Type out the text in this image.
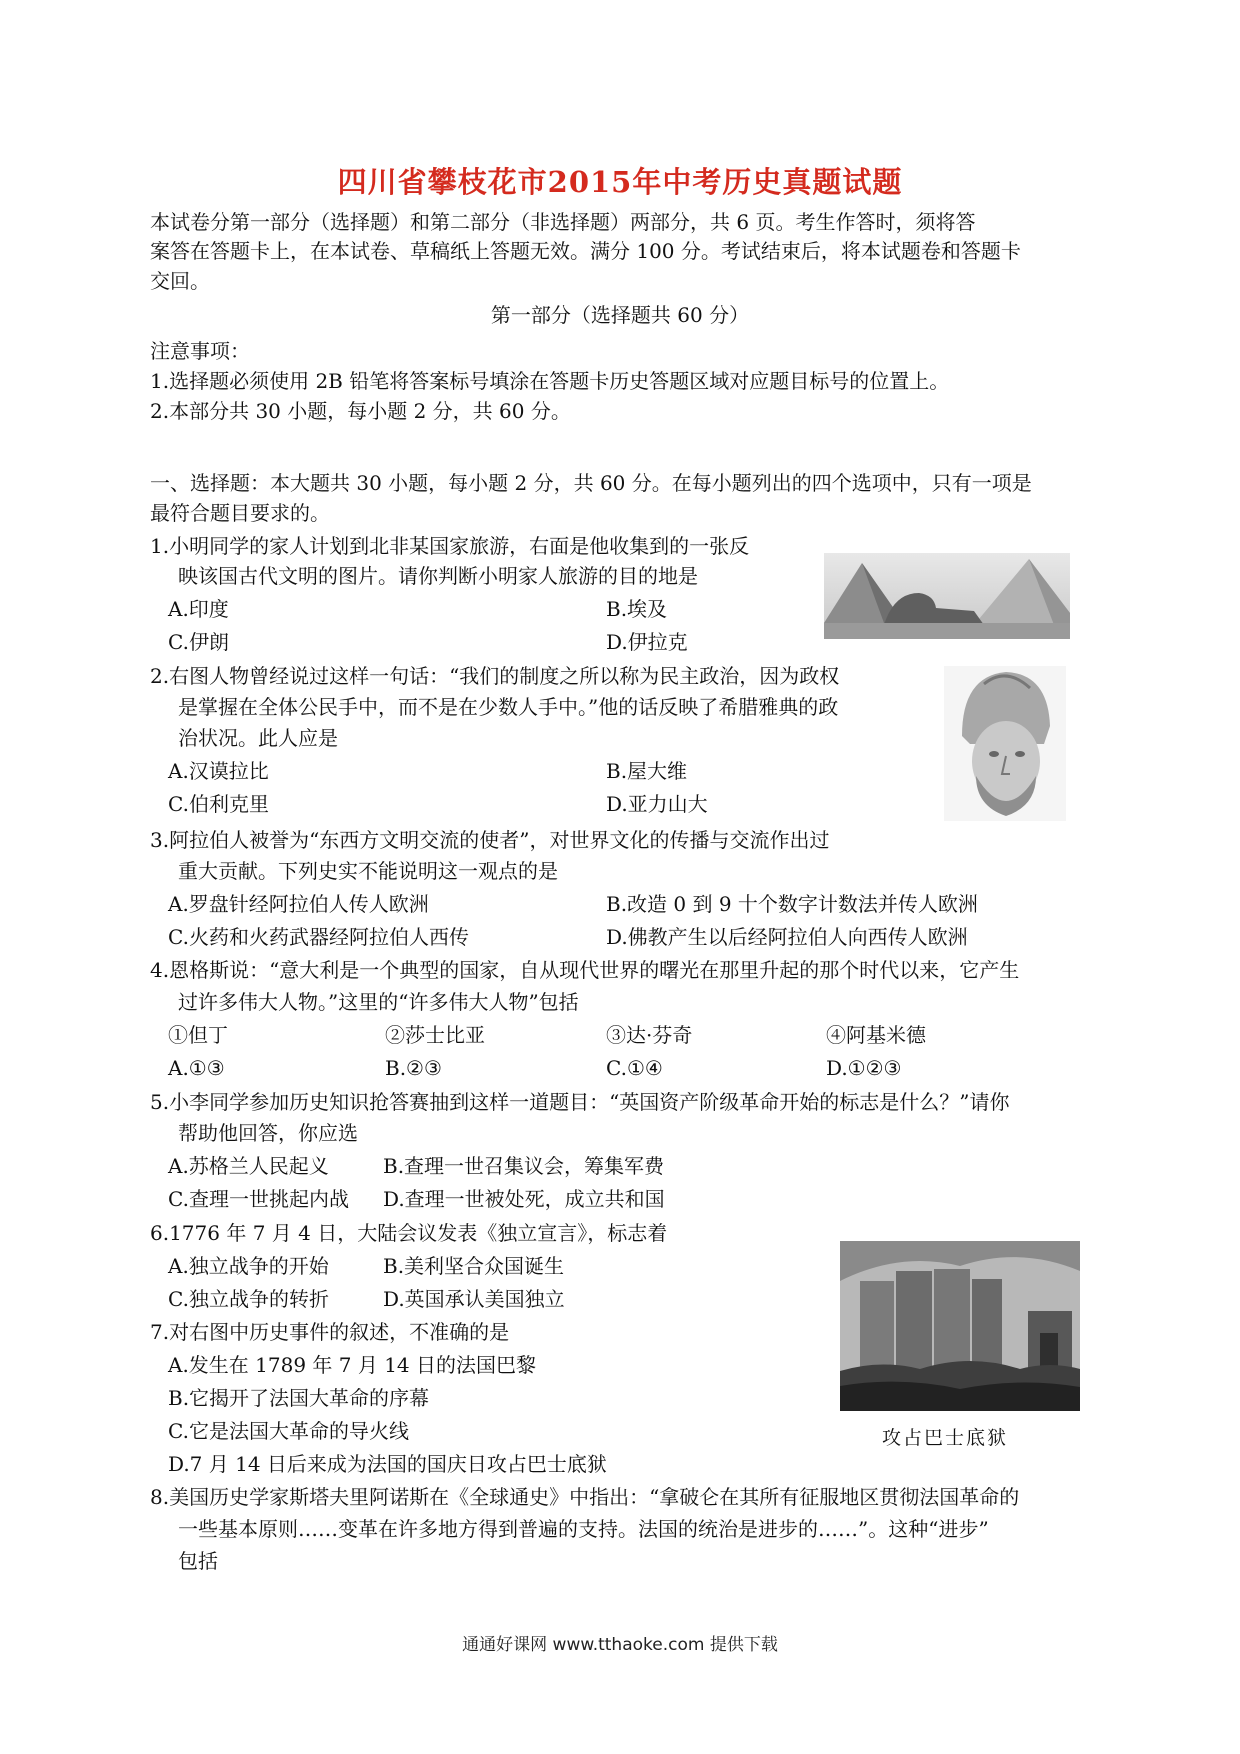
四川省攀枝花市2015年中考历史真题试题
本试卷分第一部分（选择题）和第二部分（非选择题）两部分，共 6 页。考生作答时，须将答
案答在答题卡上，在本试卷、草稿纸上答题无效。满分 100 分。考试结束后，将本试题卷和答题卡
交回。
第一部分（选择题共 60 分）
注意事项：
1.选择题必须使用 2B 铅笔将答案标号填涂在答题卡历史答题区域对应题目标号的位置上。
2.本部分共 30 小题，每小题 2 分，共 60 分。
一、选择题：本大题共 30 小题，每小题 2 分，共 60 分。在每小题列出的四个选项中，只有一项是
最符合题目要求的。
1.小明同学的家人计划到北非某国家旅游，右面是他收集到的一张反
映该国古代文明的图片。请你判断小明家人旅游的目的地是
A.印度	B.埃及
C.伊朗	D.伊拉克
2.右图人物曾经说过这样一句话：“我们的制度之所以称为民主政治，因为政权
是掌握在全体公民手中，而不是在少数人手中。”他的话反映了希腊雅典的政
治状况。此人应是
A.汉谟拉比	B.屋大维
C.伯利克里	D.亚力山大
3.阿拉伯人被誉为“东西方文明交流的使者”，对世界文化的传播与交流作出过
重大贡献。下列史实不能说明这一观点的是
A.罗盘针经阿拉伯人传人欧洲	B.改造 0 到 9 十个数字计数法并传人欧洲
C.火药和火药武器经阿拉伯人西传	D.佛教产生以后经阿拉伯人向西传人欧洲
4.恩格斯说：“意大利是一个典型的国家，自从现代世界的曙光在那里升起的那个时代以来，它产生
过许多伟大人物。”这里的“许多伟大人物”包括
①但丁	②莎士比亚	③达·芬奇	④阿基米德
A.①③	B.②③	C.①④	D.①②③
5.小李同学参加历史知识抢答赛抽到这样一道题目：“英国资产阶级革命开始的标志是什么？”请你
帮助他回答，你应选
A.苏格兰人民起义	B.查理一世召集议会，筹集军费
C.查理一世挑起内战 D.查理一世被处死，成立共和国
6.1776 年 7 月 4 日，大陆会议发表《独立宣言》，标志着
A.独立战争的开始	B.美利坚合众国诞生
C.独立战争的转折	D.英国承认美国独立
攻占巴士底狱
7.对右图中历史事件的叙述，不准确的是
A.发生在 1789 年 7 月 14 日的法国巴黎
B.它揭开了法国大革命的序幕
C.它是法国大革命的导火线
D.7 月 14 日后来成为法国的国庆日攻占巴士底狱
8.美国历史学家斯塔夫里阿诺斯在《全球通史》中指出：“拿破仑在其所有征服地区贯彻法国革命的
一些基本原则……变革在许多地方得到普遍的支持。法国的统治是进步的……”。这种“进步”
包括
通通好课网 www.tthaoke.com 提供下载
